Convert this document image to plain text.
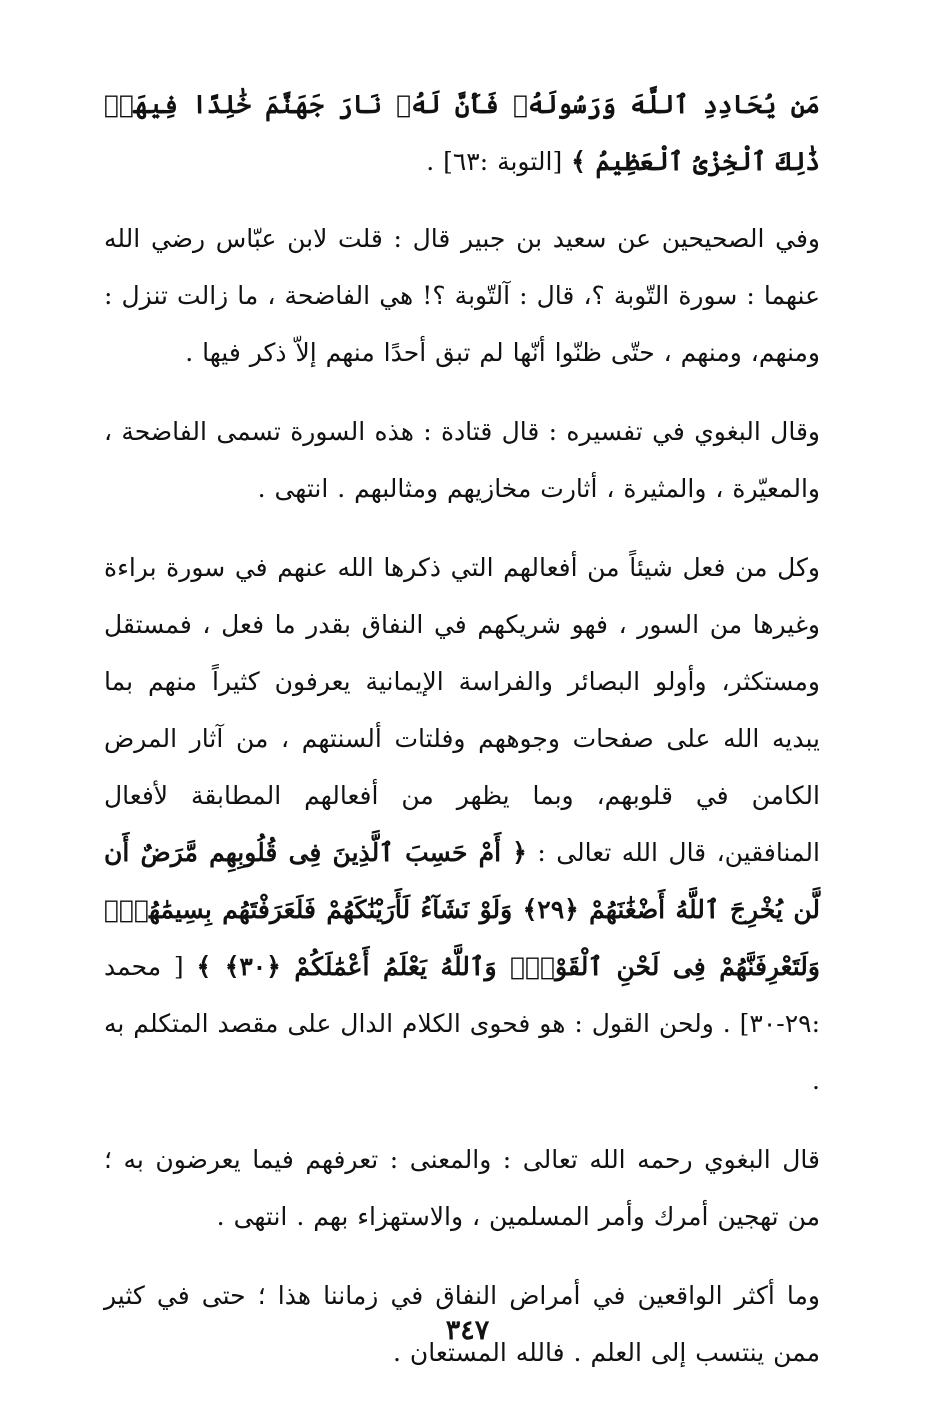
مَن يُحَادِدِ ٱللَّهَ وَرَسُولَهُۥ فَأَنَّ لَهُۥ نَارَ جَهَنَّمَ خَٰلِدًا فِيهَاۚ ذَٰلِكَ ٱلْخِزْىُ ٱلْعَظِيمُ ﴾ [التوبة :٦٣] .

وفي الصحيحين عن سعيد بن جبير قال : قلت لابن عبّاس رضي الله عنهما : سورة التّوبة ؟، قال : آلتّوبة ؟! هي الفاضحة ، ما زالت تنزل : ومنهم، ومنهم ، حتّى ظنّوا أنّها لم تبق أحدًا منهم إلاّ ذكر فيها .

وقال البغوي في تفسيره : قال قتادة : هذه السورة تسمى الفاضحة ، والمعيّرة ، والمثيرة ، أثارت مخازيهم ومثالبهم . انتهى .

وكل من فعل شيئاً من أفعالهم التي ذكرها الله عنهم في سورة براءة وغيرها من السور ، فهو شريكهم في النفاق بقدر ما فعل ، فمستقل ومستكثر، وأولو البصائر والفراسة الإيمانية يعرفون كثيراً منهم بما يبديه الله على صفحات وجوههم وفلتات ألسنتهم ، من آثار المرض الكامن في قلوبهم، وبما يظهر من أفعالهم المطابقة لأفعال المنافقين، قال الله تعالى : ﴿ أَمْ حَسِبَ ٱلَّذِينَ فِى قُلُوبِهِم مَّرَضٌ أَن لَّن يُخْرِجَ ٱللَّهُ أَضْغَٰنَهُمْ ﴿٢٩﴾ وَلَوْ نَشَآءُ لَأَرَيْنَٰكَهُمْ فَلَعَرَفْتَهُم بِسِيمَٰهُمْۚ وَلَتَعْرِفَنَّهُمْ فِى لَحْنِ ٱلْقَوْلِۚ وَٱللَّهُ يَعْلَمُ أَعْمَٰلَكُمْ ﴿٣٠﴾ ﴾ [ محمد :٢٩-٣٠] . ولحن القول : هو فحوى الكلام الدال على مقصد المتكلم به .

قال البغوي رحمه الله تعالى : والمعنى : تعرفهم فيما يعرضون به ؛ من تهجين أمرك وأمر المسلمين ، والاستهزاء بهم . انتهى .

وما أكثر الواقعين في أمراض النفاق في زماننا هذا ؛ حتى في كثير ممن ينتسب إلى العلم . فالله المستعان .

٣٤٧
